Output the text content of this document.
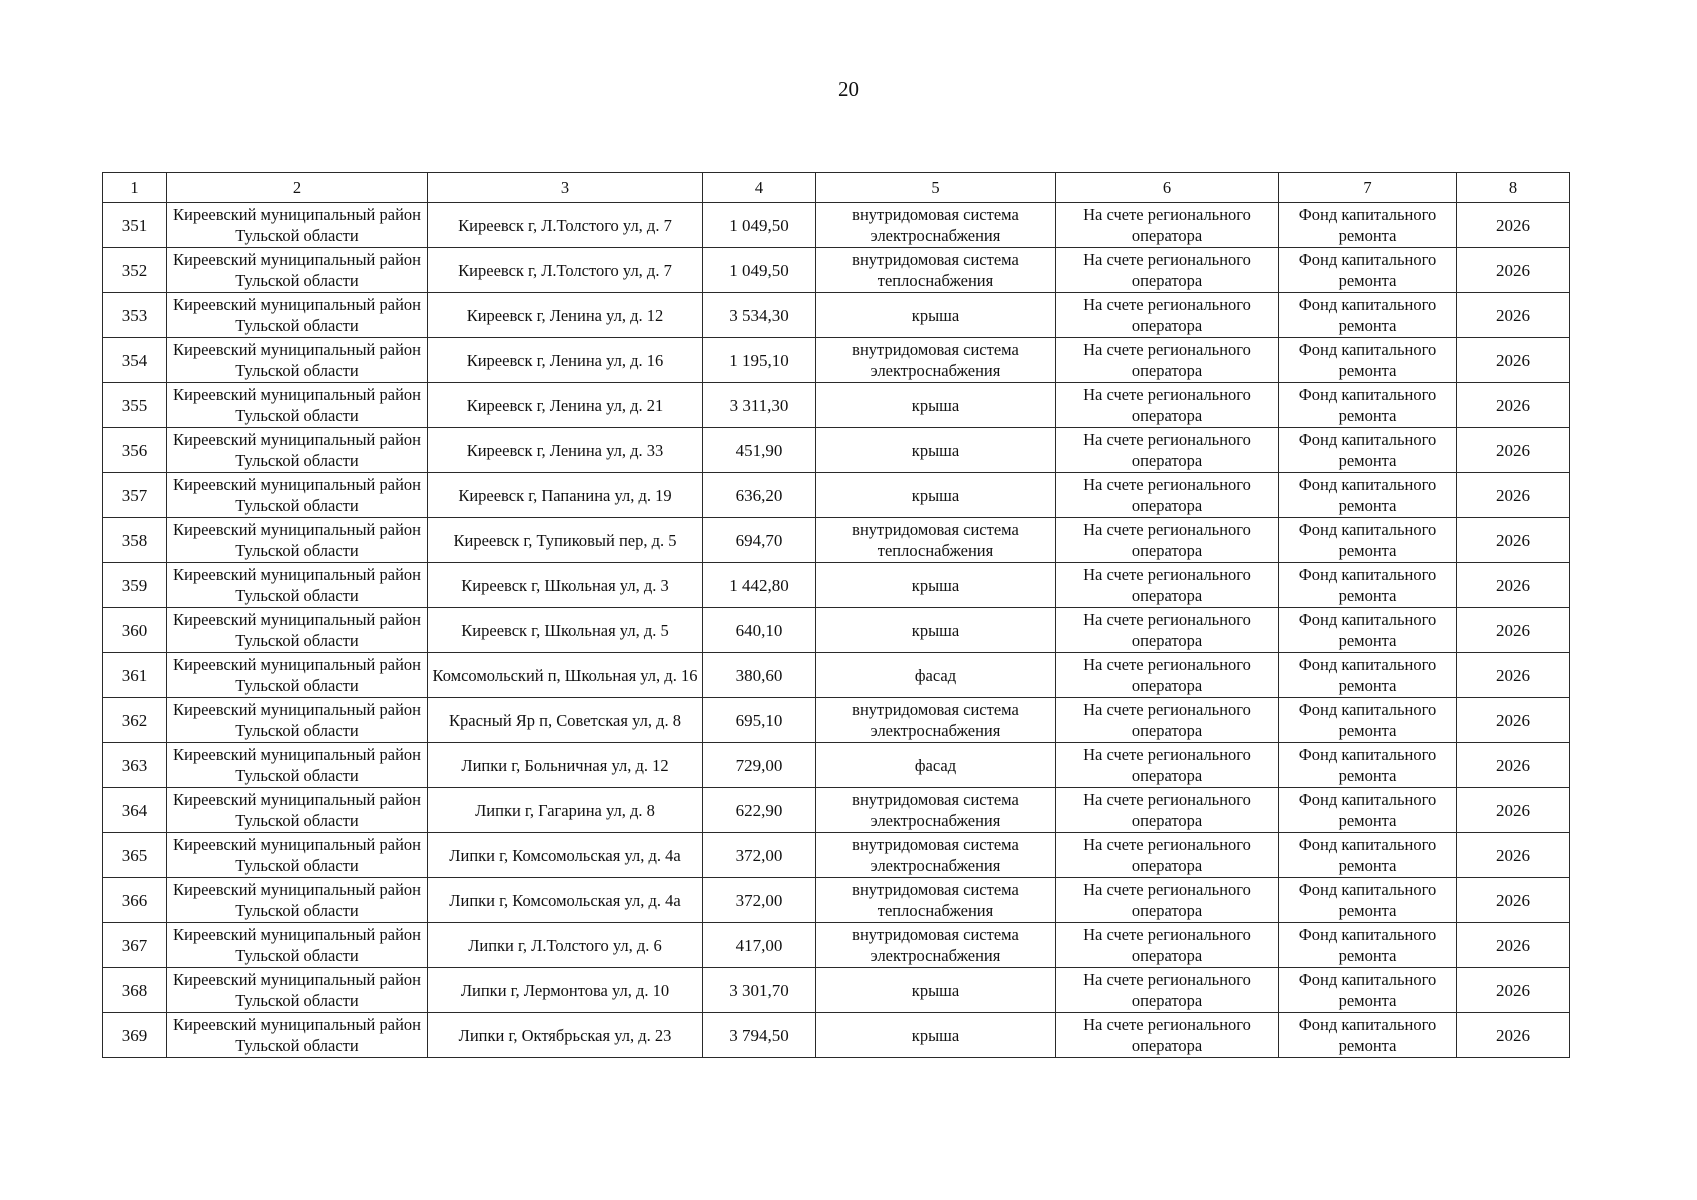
20
1	2	3	4	5	6	7	8
351	Киреевский муниципальный район Тульской области	Киреевск г, Л.Толстого ул, д. 7	1 049,50	внутридомовая система электроснабжения	На счете регионального оператора	Фонд капитального ремонта	2026
352	Киреевский муниципальный район Тульской области	Киреевск г, Л.Толстого ул, д. 7	1 049,50	внутридомовая система теплоснабжения	На счете регионального оператора	Фонд капитального ремонта	2026
353	Киреевский муниципальный район Тульской области	Киреевск г, Ленина ул, д. 12	3 534,30	крыша	На счете регионального оператора	Фонд капитального ремонта	2026
354	Киреевский муниципальный район Тульской области	Киреевск г, Ленина ул, д. 16	1 195,10	внутридомовая система электроснабжения	На счете регионального оператора	Фонд капитального ремонта	2026
355	Киреевский муниципальный район Тульской области	Киреевск г, Ленина ул, д. 21	3 311,30	крыша	На счете регионального оператора	Фонд капитального ремонта	2026
356	Киреевский муниципальный район Тульской области	Киреевск г, Ленина ул, д. 33	451,90	крыша	На счете регионального оператора	Фонд капитального ремонта	2026
357	Киреевский муниципальный район Тульской области	Киреевск г, Папанина ул, д. 19	636,20	крыша	На счете регионального оператора	Фонд капитального ремонта	2026
358	Киреевский муниципальный район Тульской области	Киреевск г, Тупиковый пер, д. 5	694,70	внутридомовая система теплоснабжения	На счете регионального оператора	Фонд капитального ремонта	2026
359	Киреевский муниципальный район Тульской области	Киреевск г, Школьная ул, д. 3	1 442,80	крыша	На счете регионального оператора	Фонд капитального ремонта	2026
360	Киреевский муниципальный район Тульской области	Киреевск г, Школьная ул, д. 5	640,10	крыша	На счете регионального оператора	Фонд капитального ремонта	2026
361	Киреевский муниципальный район Тульской области	Комсомольский п, Школьная ул, д. 16	380,60	фасад	На счете регионального оператора	Фонд капитального ремонта	2026
362	Киреевский муниципальный район Тульской области	Красный Яр п, Советская ул, д. 8	695,10	внутридомовая система электроснабжения	На счете регионального оператора	Фонд капитального ремонта	2026
363	Киреевский муниципальный район Тульской области	Липки г, Больничная ул, д. 12	729,00	фасад	На счете регионального оператора	Фонд капитального ремонта	2026
364	Киреевский муниципальный район Тульской области	Липки г, Гагарина ул, д. 8	622,90	внутридомовая система электроснабжения	На счете регионального оператора	Фонд капитального ремонта	2026
365	Киреевский муниципальный район Тульской области	Липки г, Комсомольская ул, д. 4а	372,00	внутридомовая система электроснабжения	На счете регионального оператора	Фонд капитального ремонта	2026
366	Киреевский муниципальный район Тульской области	Липки г, Комсомольская ул, д. 4а	372,00	внутридомовая система теплоснабжения	На счете регионального оператора	Фонд капитального ремонта	2026
367	Киреевский муниципальный район Тульской области	Липки г, Л.Толстого ул, д. 6	417,00	внутридомовая система электроснабжения	На счете регионального оператора	Фонд капитального ремонта	2026
368	Киреевский муниципальный район Тульской области	Липки г, Лермонтова ул, д. 10	3 301,70	крыша	На счете регионального оператора	Фонд капитального ремонта	2026
369	Киреевский муниципальный район Тульской области	Липки г, Октябрьская ул, д. 23	3 794,50	крыша	На счете регионального оператора	Фонд капитального ремонта	2026
